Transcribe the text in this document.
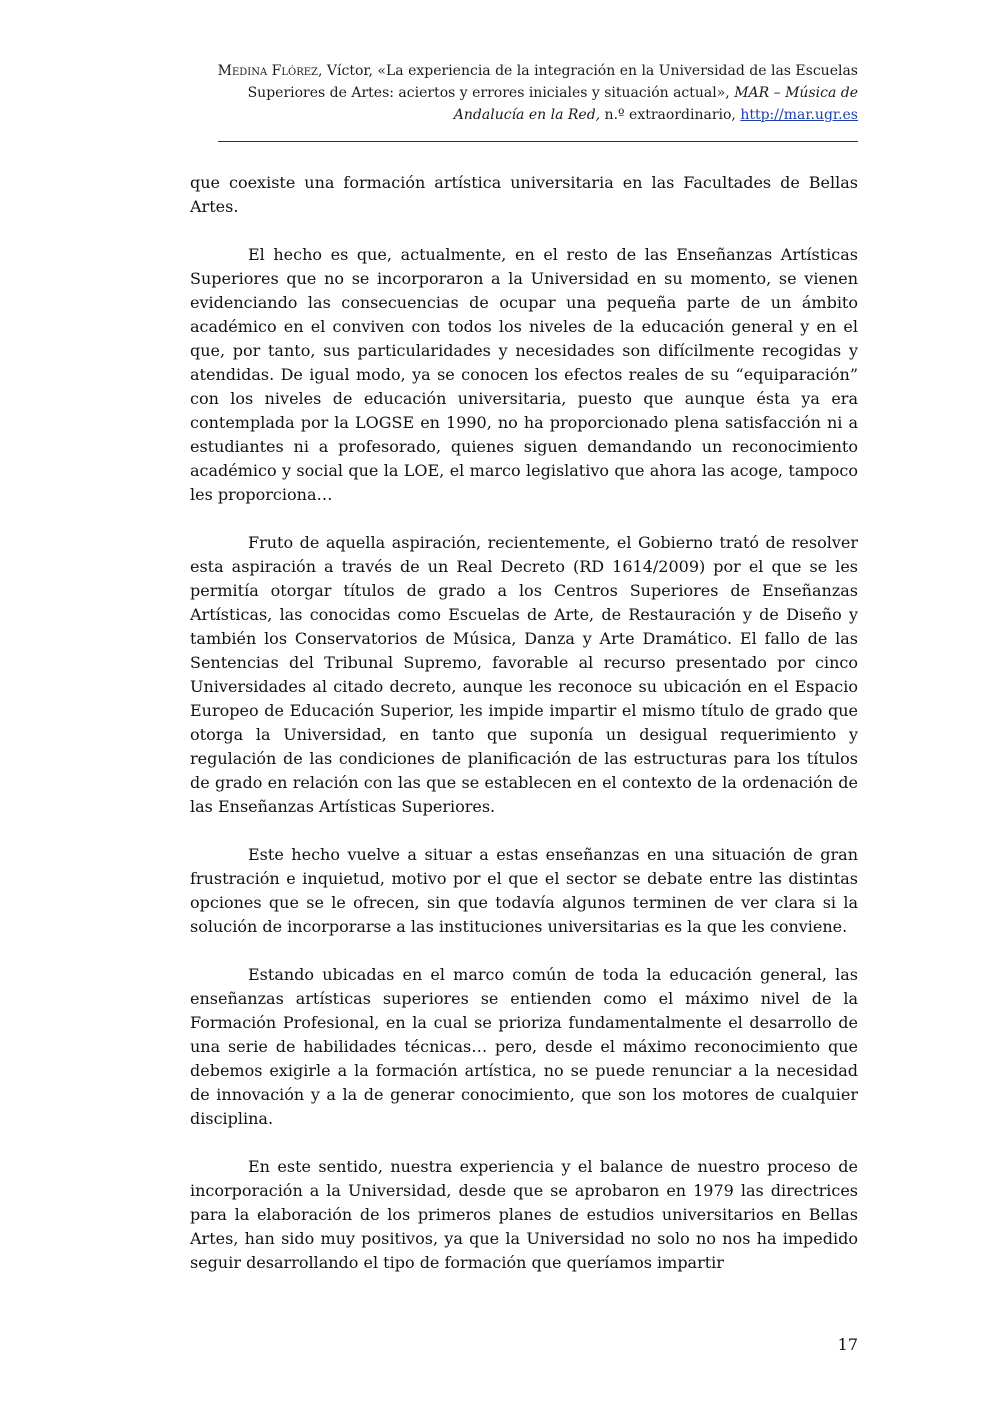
Medina Flórez, Víctor, «La experiencia de la integración en la Universidad de las Escuelas Superiores de Artes: aciertos y errores iniciales y situación actual», MAR – Música de Andalucía en la Red, n.º extraordinario, http://mar.ugr.es

que coexiste una formación artística universitaria en las Facultades de Bellas Artes.

El hecho es que, actualmente, en el resto de las Enseñanzas Artísticas Superiores que no se incorporaron a la Universidad en su momento, se vienen evidenciando las consecuencias de ocupar una pequeña parte de un ámbito académico en el conviven con todos los niveles de la educación general y en el que, por tanto, sus particularidades y necesidades son difícilmente recogidas y atendidas. De igual modo, ya se conocen los efectos reales de su “equiparación” con los niveles de educación universitaria, puesto que aunque ésta ya era contemplada por la LOGSE en 1990, no ha proporcionado plena satisfacción ni a estudiantes ni a profesorado, quienes siguen demandando un reconocimiento académico y social que la LOE, el marco legislativo que ahora las acoge, tampoco les proporciona…

Fruto de aquella aspiración, recientemente, el Gobierno trató de resolver esta aspiración a través de un Real Decreto (RD 1614/2009) por el que se les permitía otorgar títulos de grado a los Centros Superiores de Enseñanzas Artísticas, las conocidas como Escuelas de Arte, de Restauración y de Diseño y también los Conservatorios de Música, Danza y Arte Dramático. El fallo de las Sentencias del Tribunal Supremo, favorable al recurso presentado por cinco Universidades al citado decreto, aunque les reconoce su ubicación en el Espacio Europeo de Educación Superior, les impide impartir el mismo título de grado que otorga la Universidad, en tanto que suponía un desigual requerimiento y regulación de las condiciones de planificación de las estructuras para los títulos de grado en relación con las que se establecen en el contexto de la ordenación de las Enseñanzas Artísticas Superiores.

Este hecho vuelve a situar a estas enseñanzas en una situación de gran frustración e inquietud, motivo por el que el sector se debate entre las distintas opciones que se le ofrecen, sin que todavía algunos terminen de ver clara si la solución de incorporarse a las instituciones universitarias es la que les conviene.

Estando ubicadas en el marco común de toda la educación general, las enseñanzas artísticas superiores se entienden como el máximo nivel de la Formación Profesional, en la cual se prioriza fundamentalmente el desarrollo de una serie de habilidades técnicas… pero, desde el máximo reconocimiento que debemos exigirle a la formación artística, no se puede renunciar a la necesidad de innovación y a la de generar conocimiento, que son los motores de cualquier disciplina.

En este sentido, nuestra experiencia y el balance de nuestro proceso de incorporación a la Universidad, desde que se aprobaron en 1979 las directrices para la elaboración de los primeros planes de estudios universitarios en Bellas Artes, han sido muy positivos, ya que la Universidad no solo no nos ha impedido seguir desarrollando el tipo de formación que queríamos impartir

17
